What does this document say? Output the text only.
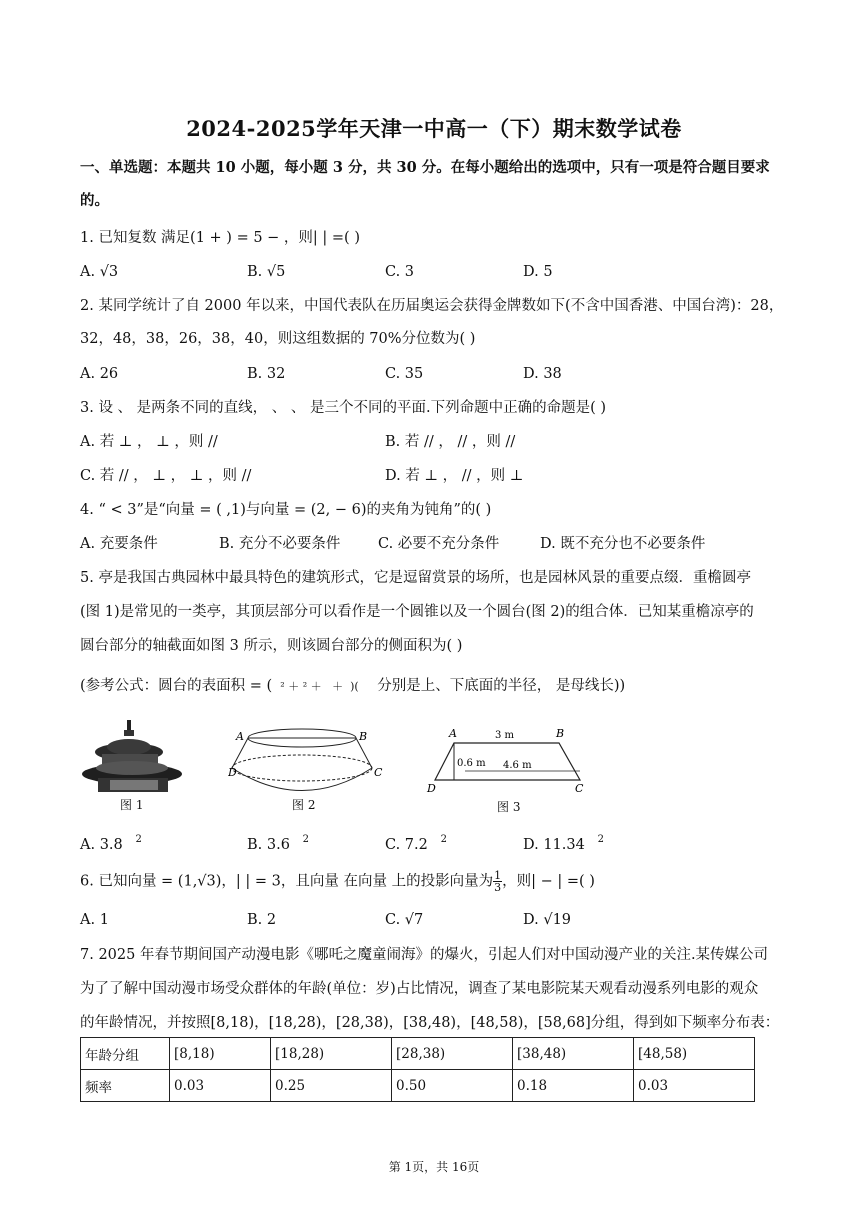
2024-2025学年天津一中高一（下）期末数学试卷
一、单选题：本题共 10 小题，每小题 3 分，共 30 分。在每小题给出的选项中，只有一项是符合题目要求
的。
1. 已知复数 满足(1 + ) = 5 − ，则| | =( )
A. √3	B. √5	C. 3	D. 5
2. 某同学统计了自 2000 年以来，中国代表队在历届奥运会获得金牌数如下(不含中国香港、中国台湾)：28，
32，48，38，26，38，40，则这组数据的 70%分位数为( )
A. 26	B. 32	C. 35	D. 38
3. 设 、 是两条不同的直线， 、 、 是三个不同的平面.下列命题中正确的命题是( )
A. 若 ⊥ ， ⊥ ，则 //	B. 若 // ， // ，则 //
C. 若 // ， ⊥ ， ⊥ ，则 //	D. 若 ⊥ ， // ，则 ⊥
4. “ < 3”是“向量 = ( ,1)与向量 = (2, − 6)的夹角为钝角”的( )
A. 充要条件	B. 充分不必要条件	C. 必要不充分条件	D. 既不充分也不必要条件
5. 亭是我国古典园林中最具特色的建筑形式，它是逗留赏景的场所，也是园林风景的重要点缀．重檐圆亭
(图 1)是常见的一类亭，其顶层部分可以看作是一个圆锥以及一个圆台(图 2)的组合体．已知某重檐凉亭的
圆台部分的轴截面如图 3 所示，则该圆台部分的侧面积为( )
(参考公式：圆台的表面积 = (  ² ＋ ² ＋   ＋  )(     分别是上、下底面的半径， 是母线长))
图 1
A	B
C
D
图 2
A	B
C
D
3 m
0.6 m 4.6 m
图 3
A. 3.8 $^2$	B. 3.6 $^2$	C. 7.2 $^2$	D. 11.34 $^2$
6. 已知向量 = (1,√3)，| | = 3，且向量 在向量 上的投影向量为 $\frac{1}{3}$ ，则| − | =( )
A. 1	B. 2	C. √7	D. √19
7. 2025 年春节期间国产动漫电影《哪吒之魔童闹海》的爆火，引起人们对中国动漫产业的关注.某传媒公司
为了了解中国动漫市场受众群体的年龄(单位：岁)占比情况，调查了某电影院某天观看动漫系列电影的观众
的年龄情况，并按照[8,18)，[18,28)，[28,38)，[38,48)，[48,58)，[58,68]分组，得到如下频率分布表：
年龄分组	[8,18)	[18,28)	[28,38)	[38,48)	[48,58)
频率	0.03	0.25	0.50	0.18	0.03
第 1页，共 16页
